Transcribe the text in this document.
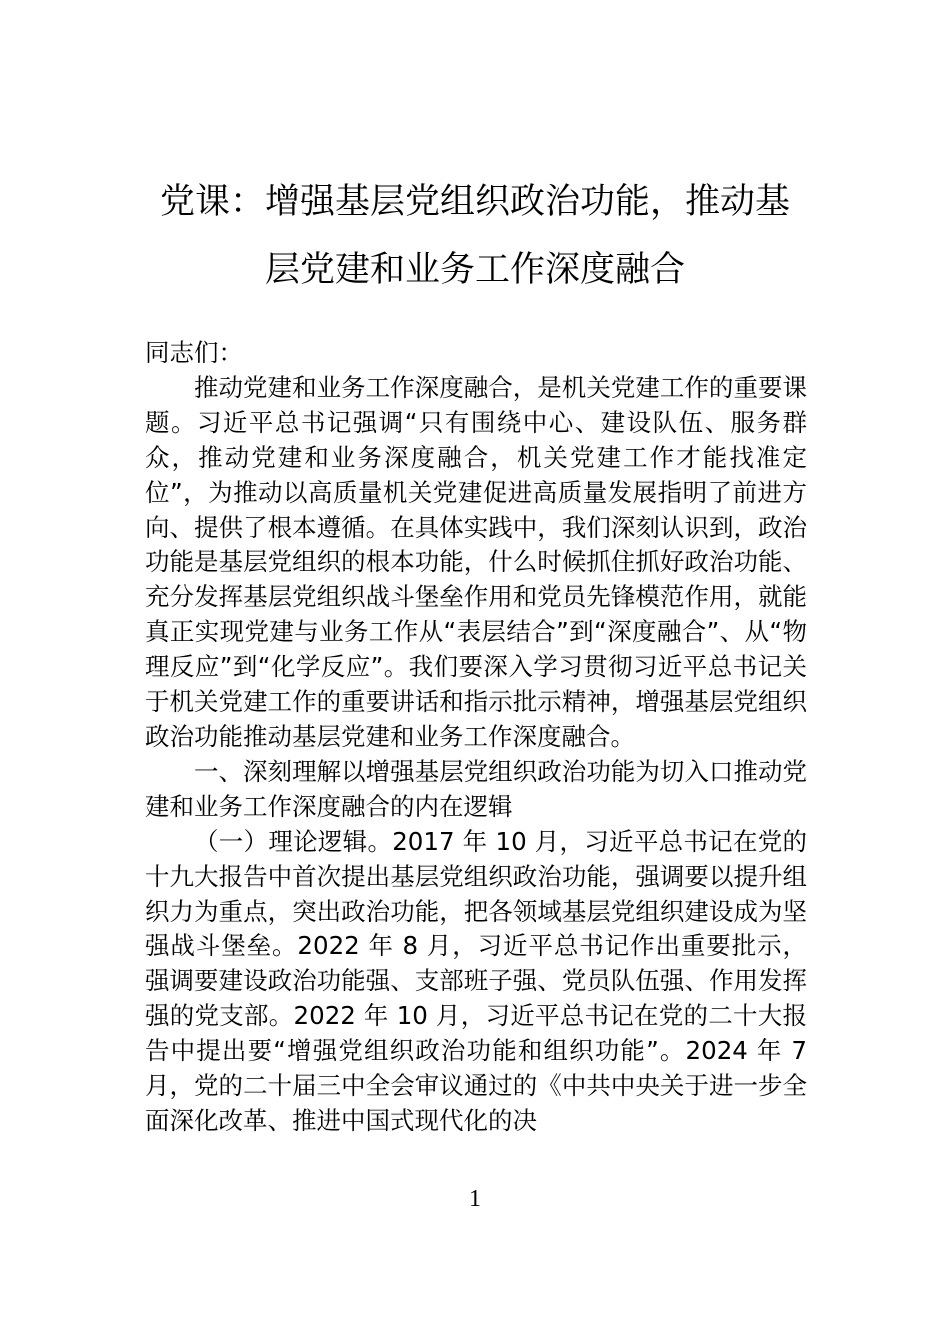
党课：增强基层党组织政治功能，推动基
层党建和业务工作深度融合

同志们：

推动党建和业务工作深度融合，是机关党建工作的重要课题。习近平总书记强调“只有围绕中心、建设队伍、服务群众，推动党建和业务深度融合，机关党建工作才能找准定位”，为推动以高质量机关党建促进高质量发展指明了前进方向、提供了根本遵循。在具体实践中，我们深刻认识到，政治功能是基层党组织的根本功能，什么时候抓住抓好政治功能、充分发挥基层党组织战斗堡垒作用和党员先锋模范作用，就能真正实现党建与业务工作从“表层结合”到“深度融合”、从“物理反应”到“化学反应”。我们要深入学习贯彻习近平总书记关于机关党建工作的重要讲话和指示批示精神，增强基层党组织政治功能推动基层党建和业务工作深度融合。

一、深刻理解以增强基层党组织政治功能为切入口推动党建和业务工作深度融合的内在逻辑

（一）理论逻辑。2017 年 10 月，习近平总书记在党的十九大报告中首次提出基层党组织政治功能，强调要以提升组织力为重点，突出政治功能，把各领域基层党组织建设成为坚强战斗堡垒。2022 年 8 月，习近平总书记作出重要批示，强调要建设政治功能强、支部班子强、党员队伍强、作用发挥强的党支部。2022 年 10 月，习近平总书记在党的二十大报告中提出要“增强党组织政治功能和组织功能”。2024 年 7 月，党的二十届三中全会审议通过的《中共中央关于进一步全面深化改革、推进中国式现代化的决

1
